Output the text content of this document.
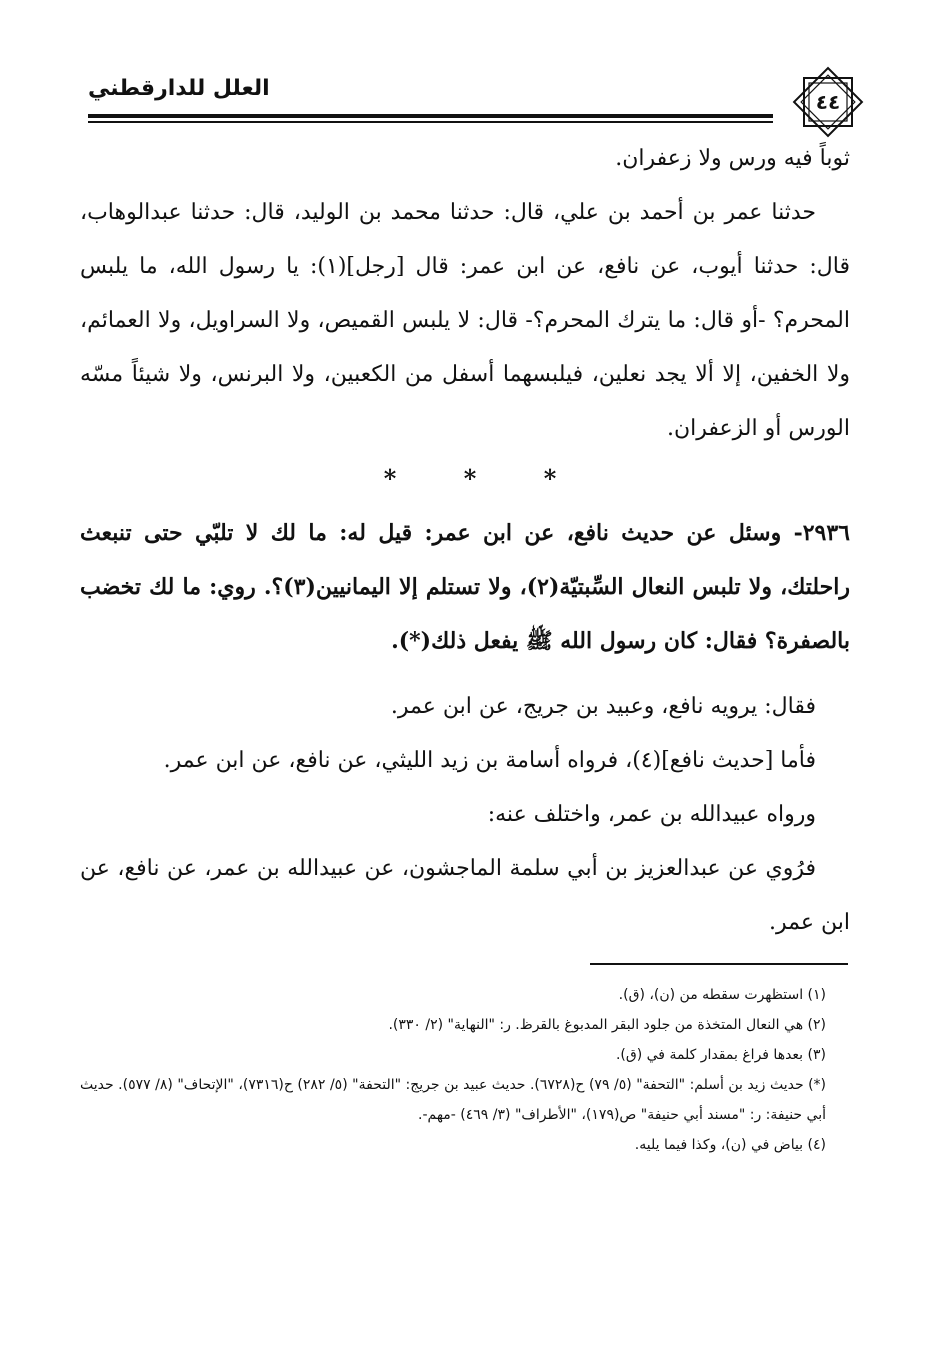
العلل للدارقطني
٤٤

ثوباً فيه ورس ولا زعفران.

حدثنا عمر بن أحمد بن علي، قال: حدثنا محمد بن الوليد، قال: حدثنا عبدالوهاب، قال: حدثنا أيوب، عن نافع، عن ابن عمر: قال [رجل](١): يا رسول الله، ما يلبس المحرم؟ -أو قال: ما يترك المحرم؟- قال: لا يلبس القميص، ولا السراويل، ولا العمائم، ولا الخفين، إلا ألا يجد نعلين، فيلبسهما أسفل من الكعبين، ولا البرنس، ولا شيئاً مسّه الورس أو الزعفران.

*	*	*

٢٩٣٦- وسئل عن حديث نافع، عن ابن عمر: قيل له: ما لك لا تلبّي حتى تنبعث راحلتك، ولا تلبس النعال السِّبتيّة(٢)، ولا تستلم إلا اليمانيين(٣)؟. روي: ما لك تخضب بالصفرة؟ فقال: كان رسول الله ﷺ يفعل ذلك(*).

فقال: يرويه نافع، وعبيد بن جريج، عن ابن عمر.

فأما [حديث نافع](٤)، فرواه أسامة بن زيد الليثي، عن نافع، عن ابن عمر.

ورواه عبيدالله بن عمر، واختلف عنه:

فرُوي عن عبدالعزيز بن أبي سلمة الماجشون، عن عبيدالله بن عمر، عن نافع، عن ابن عمر.

(١) استظهرت سقطه من (ن)، (ق).

(٢) هي النعال المتخذة من جلود البقر المدبوغ بالقرظ. ر: "النهاية" (٢/ ٣٣٠).

(٣) بعدها فراغ بمقدار كلمة في (ق).

(*) حديث زيد بن أسلم: "التحفة" (٥/ ٧٩) ح(٦٧٢٨). حديث عبيد بن جريج: "التحفة" (٥/ ٢٨٢) ح(٧٣١٦)، "الإتحاف" (٨/ ٥٧٧). حديث أبي حنيفة: ر: "مسند أبي حنيفة" ص(١٧٩)، "الأطراف" (٣/ ٤٦٩) -مهم-.

(٤) بياض في (ن)، وكذا فيما يليه.
